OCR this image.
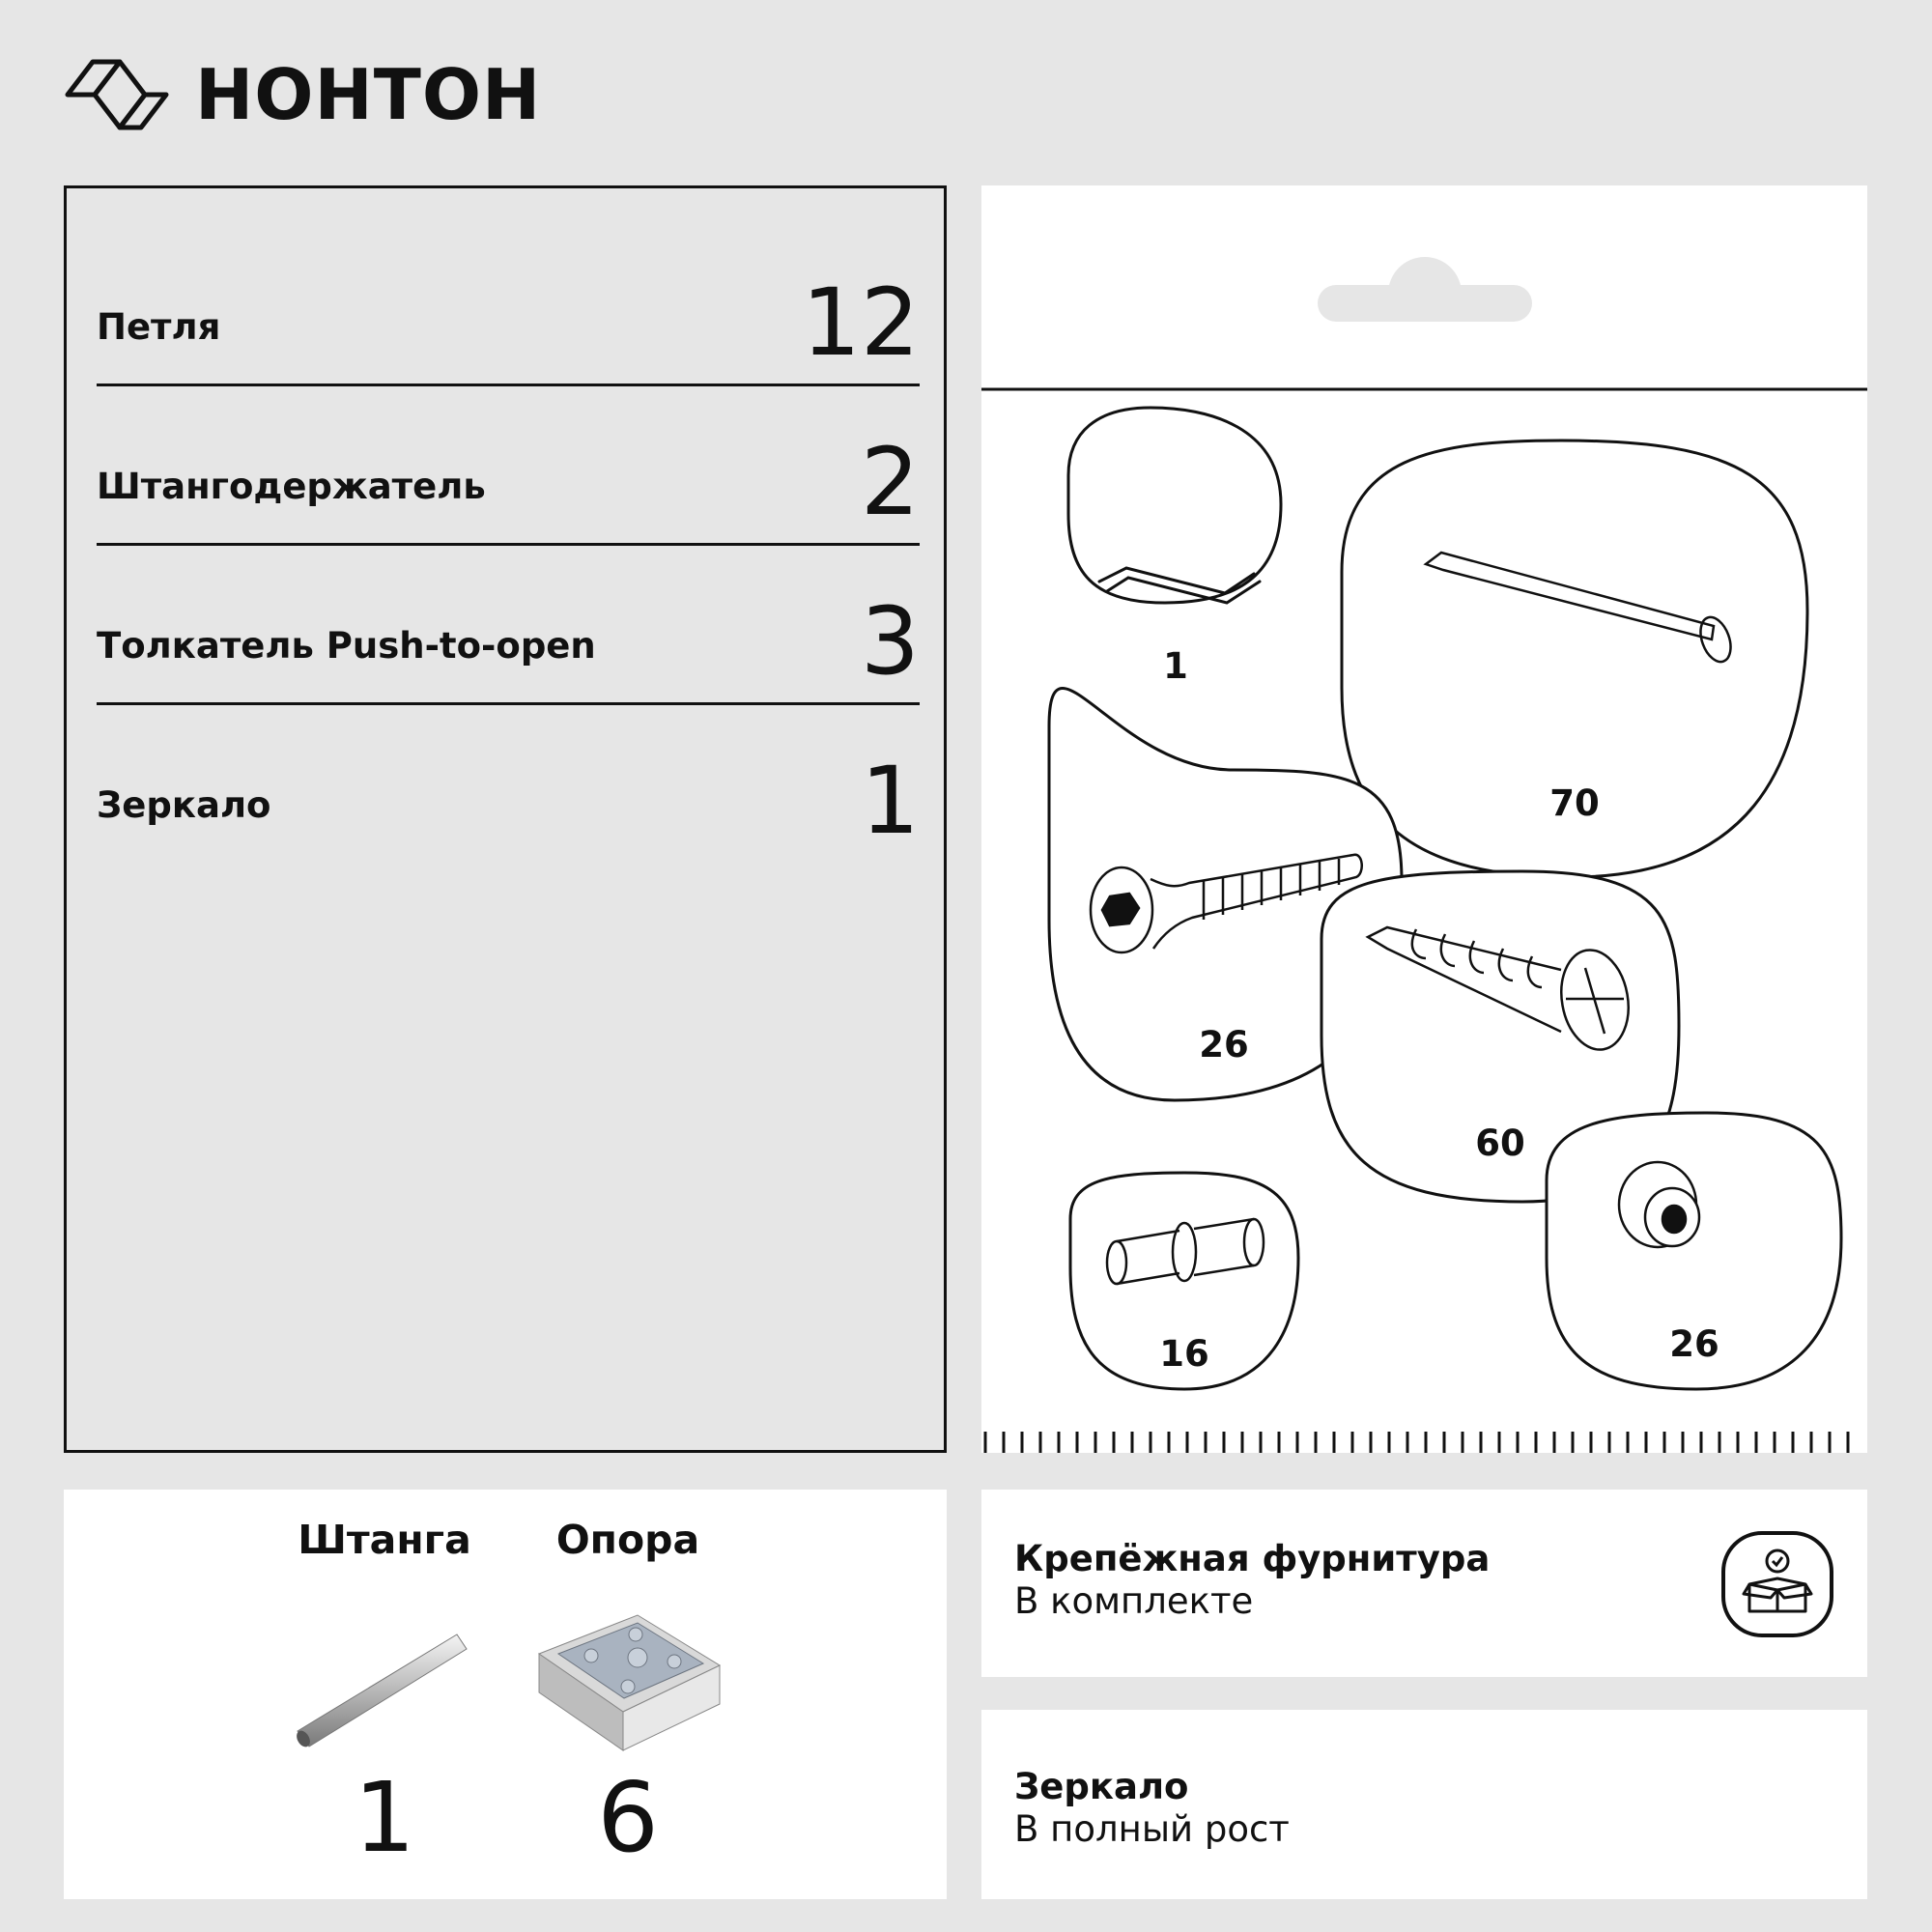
НОНТОН
Петля	12
Штангодержатель	2
Толкатель Push-to-open	3
Зеркало	1
1
70
26
60
16	26
Штанга
1
Опора
6
Крепёжная фурнитура
В комплекте
Зеркало
В полный рост
